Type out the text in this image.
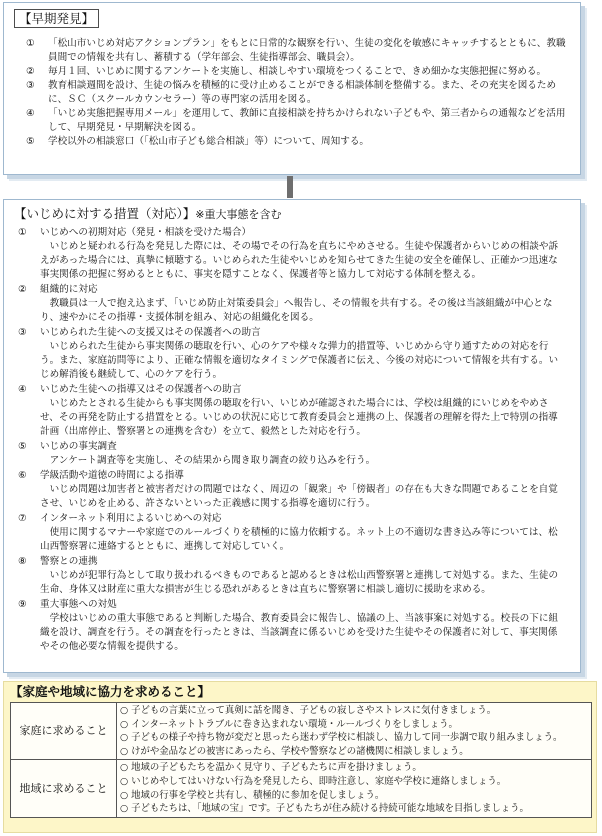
【早期発見】
①	「松山市いじめ対応アクションプラン」をもとに日常的な観察を行い、生徒の変化を敏感にキャッチするとともに、教職員間での情報を共有し、蓄積する（学年部会、生徒指導部会、職員会）。
②	毎月１回、いじめに関するアンケートを実施し、相談しやすい環境をつくることで、きめ細かな実態把握に努める。
③	教育相談週間を設け、生徒の悩みを積極的に受け止めることができる相談体制を整備する。また、その充実を図るために、ＳＣ（スクールカウンセラー）等の専門家の活用を図る。
④	「いじめ実態把握専用メール」を運用して、教師に直接相談を持ちかけられない子どもや、第三者からの通報などを活用して、早期発見・早期解決を図る。
⑤	学校以外の相談窓口（「松山市子ども総合相談」等）について、周知する。
【いじめに対する措置（対応）】※重大事態を含む
①	いじめへの初期対応（発見・相談を受けた場合）
いじめと疑われる行為を発見した際には、その場でその行為を直ちにやめさせる。生徒や保護者からいじめの相談や訴えがあった場合には、真摯に傾聴する。いじめられた生徒やいじめを知らせてきた生徒の安全を確保し、正確かつ迅速な事実関係の把握に努めるとともに、事実を隠すことなく、保護者等と協力して対応する体制を整える。
②	組織的に対応
教職員は一人で抱え込まず、「いじめ防止対策委員会」へ報告し、その情報を共有する。その後は当該組織が中心となり、速やかにその指導・支援体制を組み、対応の組織化を図る。
③	いじめられた生徒への支援又はその保護者への助言
いじめられた生徒から事実関係の聴取を行い、心のケアや様々な弾力的措置等、いじめから守り通すための対応を行う。また、家庭訪問等により、正確な情報を適切なタイミングで保護者に伝え、今後の対応について情報を共有する。いじめ解消後も継続して、心のケアを行う。
④	いじめた生徒への指導又はその保護者への助言
いじめたとされる生徒からも事実関係の聴取を行い、いじめが確認された場合には、学校は組織的にいじめをやめさせ、その再発を防止する措置をとる。いじめの状況に応じて教育委員会と連携の上、保護者の理解を得た上で特別の指導計画（出席停止、警察署との連携を含む）を立て、毅然とした対応を行う。
⑤	いじめの事実調査
アンケート調査等を実施し、その結果から聞き取り調査の絞り込みを行う。
⑥	学級活動や道徳の時間による指導
いじめ問題は加害者と被害者だけの問題ではなく、周辺の「観衆」や「傍観者」の存在も大きな問題であることを自覚させ、いじめを止める、許さないといった正義感に関する指導を適切に行う。
⑦	インターネット利用によるいじめへの対応
使用に関するマナーや家庭でのルールづくりを積極的に協力依頼する。ネット上の不適切な書き込み等については、松山西警察署に連絡するとともに、連携して対応していく。
⑧	警察との連携
いじめが犯罪行為として取り扱われるべきものであると認めるときは松山西警察署と連携して対処する。また、生徒の生命、身体又は財産に重大な損害が生じる恐れがあるときは直ちに警察署に相談し適切に援助を求める。
⑨	重大事態への対処
学校はいじめの重大事態であると判断した場合、教育委員会に報告し、協議の上、当該事案に対処する。校長の下に組織を設け、調査を行う。その調査を行ったときは、当該調査に係るいじめを受けた生徒やその保護者に対して、事実関係やその他必要な情報を提供する。
【家庭や地域に協力を求めること】
家庭に求めること	○ 子どもの言葉に立って真剣に話を聞き、子どもの寂しさやストレスに気付きましょう。
○ インターネットトラブルに巻き込まれない環境・ルールづくりをしましょう。
○ 子どもの様子や持ち物が変だと思ったら迷わず学校に相談し、協力して同一歩調で取り組みましょう。
○ けがや金品などの被害にあったら、学校や警察などの諸機関に相談しましょう。

地域に求めること	○ 地域の子どもたちを温かく見守り、子どもたちに声を掛けましょう。
○ いじめやしてはいけない行為を発見したら、即時注意し、家庭や学校に連絡しましょう。
○ 地域の行事を学校と共有し、積極的に参加を促しましょう。
○ 子どもたちは、「地域の宝」です。子どもたちが住み続ける持続可能な地域を目指しましょう。
